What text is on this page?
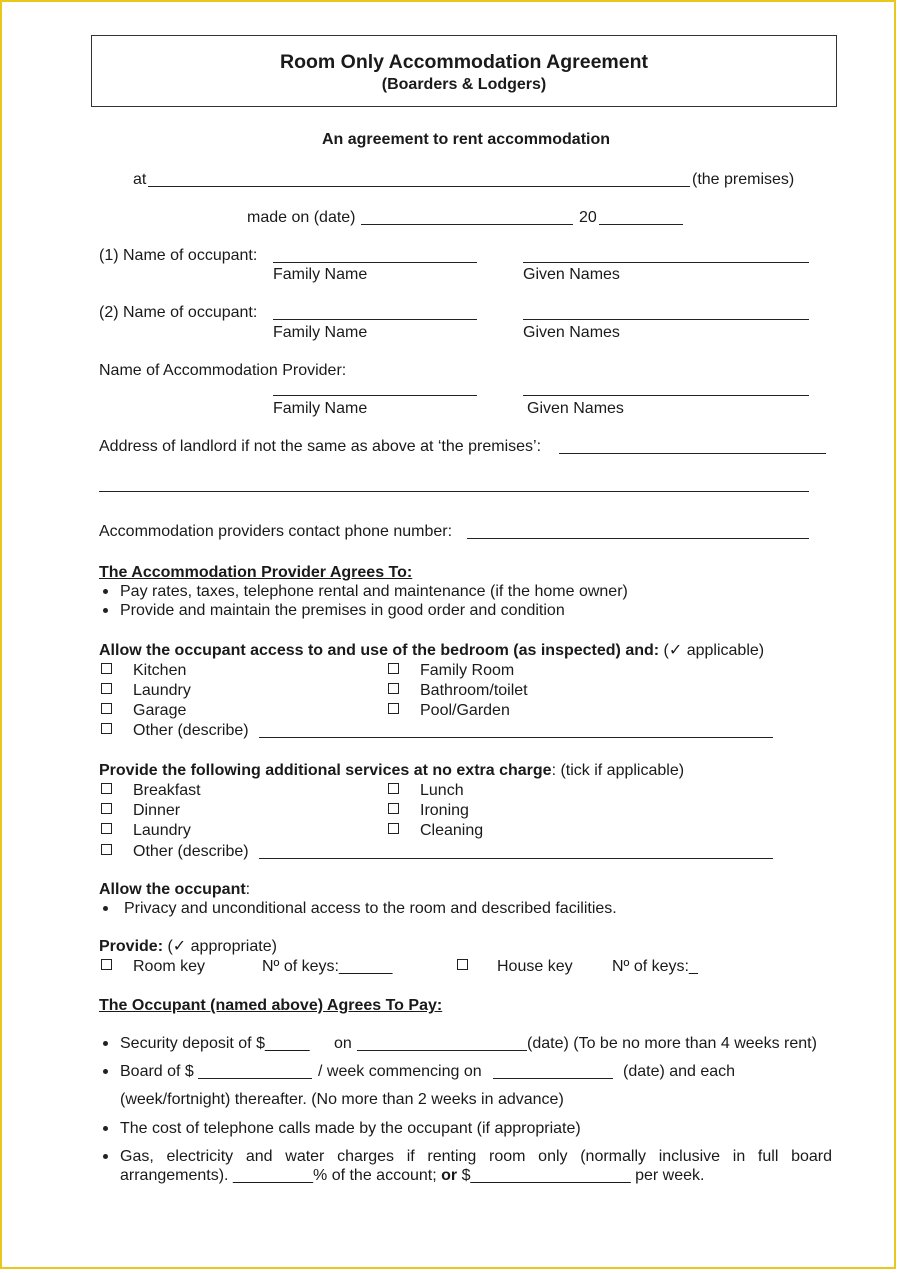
Room Only Accommodation Agreement
(Boarders & Lodgers)
An agreement to rent accommodation
at	(the premises)
made on (date)	20
(1) Name of occupant:
Family Name	Given Names
(2) Name of occupant:
Family Name	Given Names
Name of Accommodation Provider:
Family Name	Given Names
Address of landlord if not the same as above at ‘the premises’:
Accommodation providers contact phone number:
The Accommodation Provider Agrees To:
Pay rates, taxes, telephone rental and maintenance (if the home owner)
Provide and maintain the premises in good order and condition
Allow the occupant access to and use of the bedroom (as inspected) and: (✓ applicable)
Kitchen	Family Room
Laundry	Bathroom/toilet
Garage	Pool/Garden
Other (describe)
Provide the following additional services at no extra charge: (tick if applicable)
Breakfast	Lunch
Dinner	Ironing
Laundry	Cleaning
Other (describe)
Allow the occupant:
Privacy and unconditional access to the room and described facilities.
Provide: (✓ appropriate)
Room key	Nº of keys:______	House key Nº of keys:_
The Occupant (named above) Agrees To Pay:
Security deposit of $_____ on	(date) (To be no more than 4 weeks rent)
Board of $	/ week commencing on	(date) and each
(week/fortnight) thereafter. (No more than 2 weeks in advance)
The cost of telephone calls made by the occupant (if appropriate)
Gas, electricity and water charges if renting room only (normally inclusive in full board arrangements). _________% of the account; or $__________________ per week.
